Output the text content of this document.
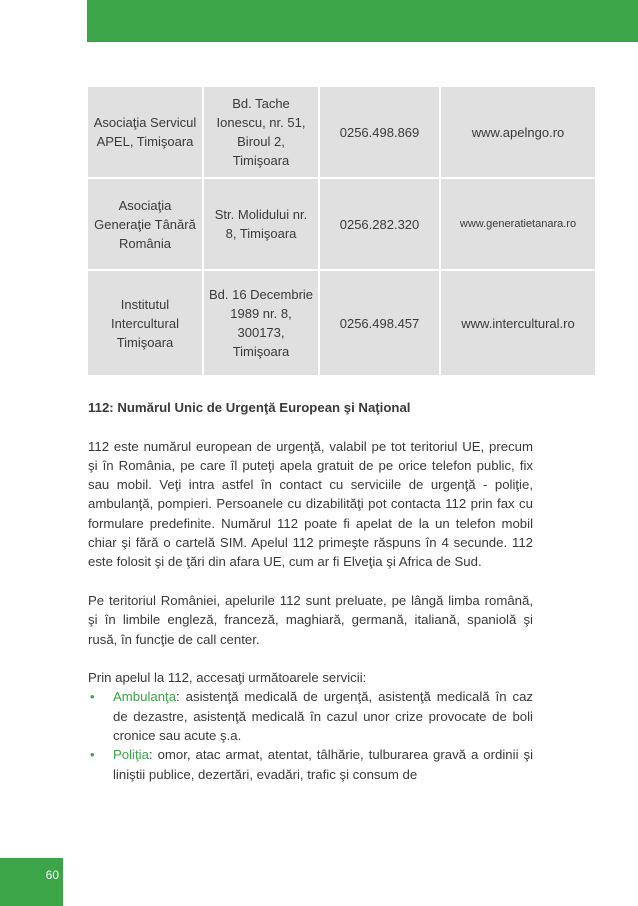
Asociaţia Servicul APEL, Timişoara	Bd. Tache Ionescu, nr. 51, Biroul 2, Timişoara	0256.498.869	www.apelngo.ro
Asociaţia Generaţie Tânără România	Str. Molidului nr. 8, Timişoara	0256.282.320	www.generatietanara.ro
Institutul Intercultural Timişoara	Bd. 16 Decembrie 1989 nr. 8, 300173, Timişoara	0256.498.457	www.intercultural.ro

112: Numărul Unic de Urgenţă European şi Naţional

112 este numărul european de urgenţă, valabil pe tot teritoriul UE, precum şi în România, pe care îl puteţi apela gratuit de pe orice telefon public, fix sau mobil. Veţi intra astfel în contact cu serviciile de urgenţă - poliţie, ambulanţă, pompieri. Persoanele cu dizabilităţi pot contacta 112 prin fax cu formulare predefinite. Numărul 112 poate fi apelat de la un telefon mobil chiar şi fără o cartelă SIM. Apelul 112 primeşte răspuns în 4 secunde. 112 este folosit şi de ţări din afara UE, cum ar fi Elveţia şi Africa de Sud.

Pe teritoriul României, apelurile 112 sunt preluate, pe lângă limba română, şi în limbile engleză, franceză, maghiară, germană, italiană, spaniolă şi rusă, în funcţie de call center.

Prin apelul la 112, accesaţi următoarele servicii:

• Ambulanţa: asistenţă medicală de urgenţă, asistenţă medicală în caz de dezastre, asistenţă medicală în cazul unor crize provocate de boli cronice sau acute ş.a.
• Poliţia: omor, atac armat, atentat, tâlhărie, tulburarea gravă a ordinii şi liniştii publice, dezertări, evadări, trafic şi consum de
60
